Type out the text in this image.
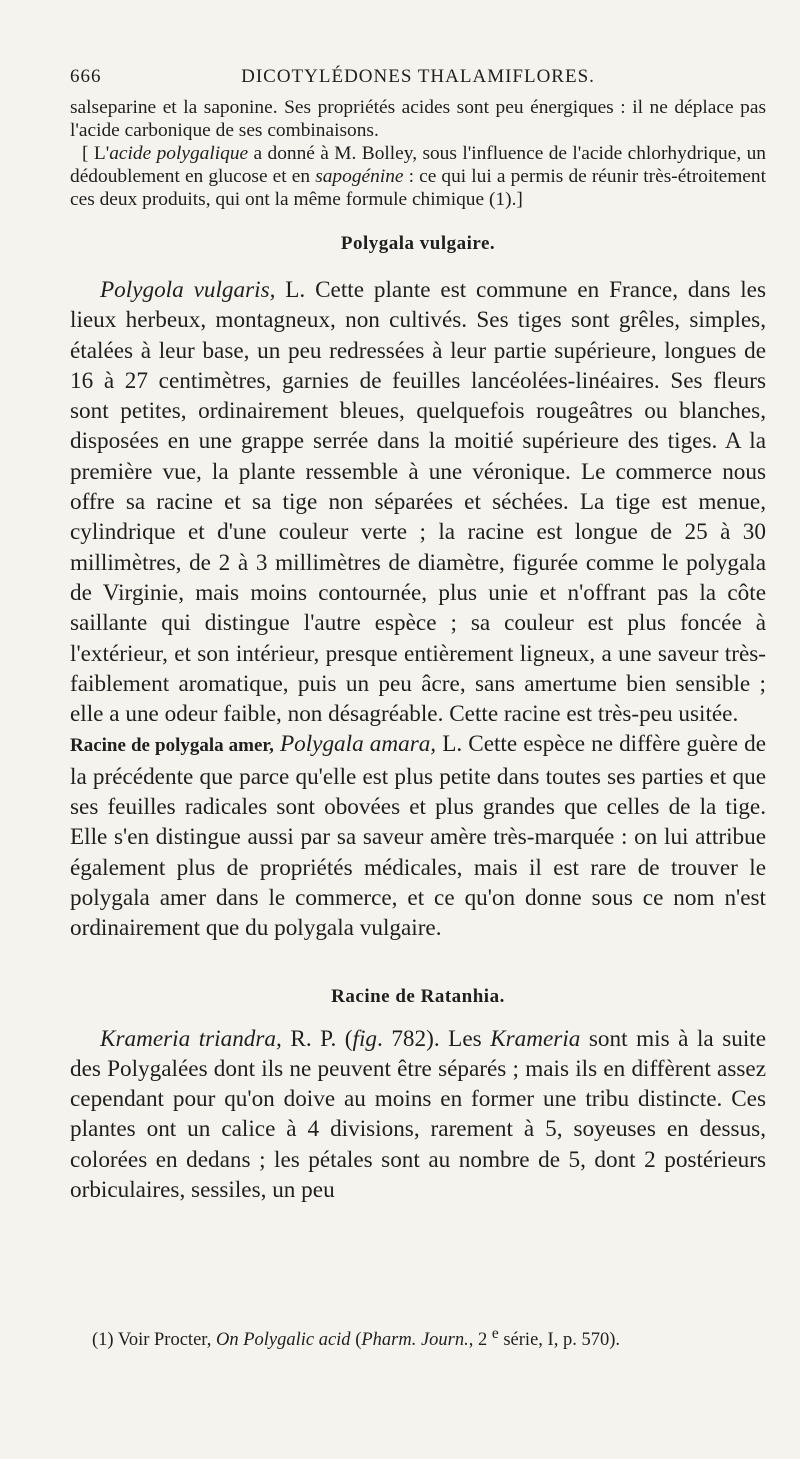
666	DICOTYLÉDONES THALAMIFLORES.

salseparine et la saponine. Ses propriétés acides sont peu énergiques : il ne déplace pas l'acide carbonique de ses combinaisons.

[ L'acide polygalique a donné à M. Bolley, sous l'influence de l'acide chlorhydrique, un dédoublement en glucose et en sapogénine : ce qui lui a permis de réunir très-étroitement ces deux produits, qui ont la même formule chimique (1).]

Polygala vulgaire.

Polygola vulgaris, L. Cette plante est commune en France, dans les lieux herbeux, montagneux, non cultivés. Ses tiges sont grêles, simples, étalées à leur base, un peu redressées à leur partie supérieure, longues de 16 à 27 centimètres, garnies de feuilles lancéolées-linéaires. Ses fleurs sont petites, ordinairement bleues, quelquefois rougeâtres ou blanches, disposées en une grappe serrée dans la moitié supérieure des tiges. A la première vue, la plante ressemble à une véronique. Le commerce nous offre sa racine et sa tige non séparées et séchées. La tige est menue, cylindrique et d'une couleur verte ; la racine est longue de 25 à 30 millimètres, de 2 à 3 millimètres de diamètre, figurée comme le polygala de Virginie, mais moins contournée, plus unie et n'offrant pas la côte saillante qui distingue l'autre espèce ; sa couleur est plus foncée à l'extérieur, et son intérieur, presque entièrement ligneux, a une saveur très-faiblement aromatique, puis un peu âcre, sans amertume bien sensible ; elle a une odeur faible, non désagréable. Cette racine est très-peu usitée.

Racine de polygala amer, Polygala amara, L. Cette espèce ne diffère guère de la précédente que parce qu'elle est plus petite dans toutes ses parties et que ses feuilles radicales sont obovées et plus grandes que celles de la tige. Elle s'en distingue aussi par sa saveur amère très-marquée : on lui attribue également plus de propriétés médicales, mais il est rare de trouver le polygala amer dans le commerce, et ce qu'on donne sous ce nom n'est ordinairement que du polygala vulgaire.

Racine de Ratanhia.

Krameria triandra, R. P. (fig. 782). Les Krameria sont mis à la suite des Polygalées dont ils ne peuvent être séparés ; mais ils en diffèrent assez cependant pour qu'on doive au moins en former une tribu distincte. Ces plantes ont un calice à 4 divisions, rarement à 5, soyeuses en dessus, colorées en dedans ; les pétales sont au nombre de 5, dont 2 postérieurs orbiculaires, sessiles, un peu

(1) Voir Procter, On Polygalic acid (Pharm. Journ., 2 $^e$ série, I, p. 570).
